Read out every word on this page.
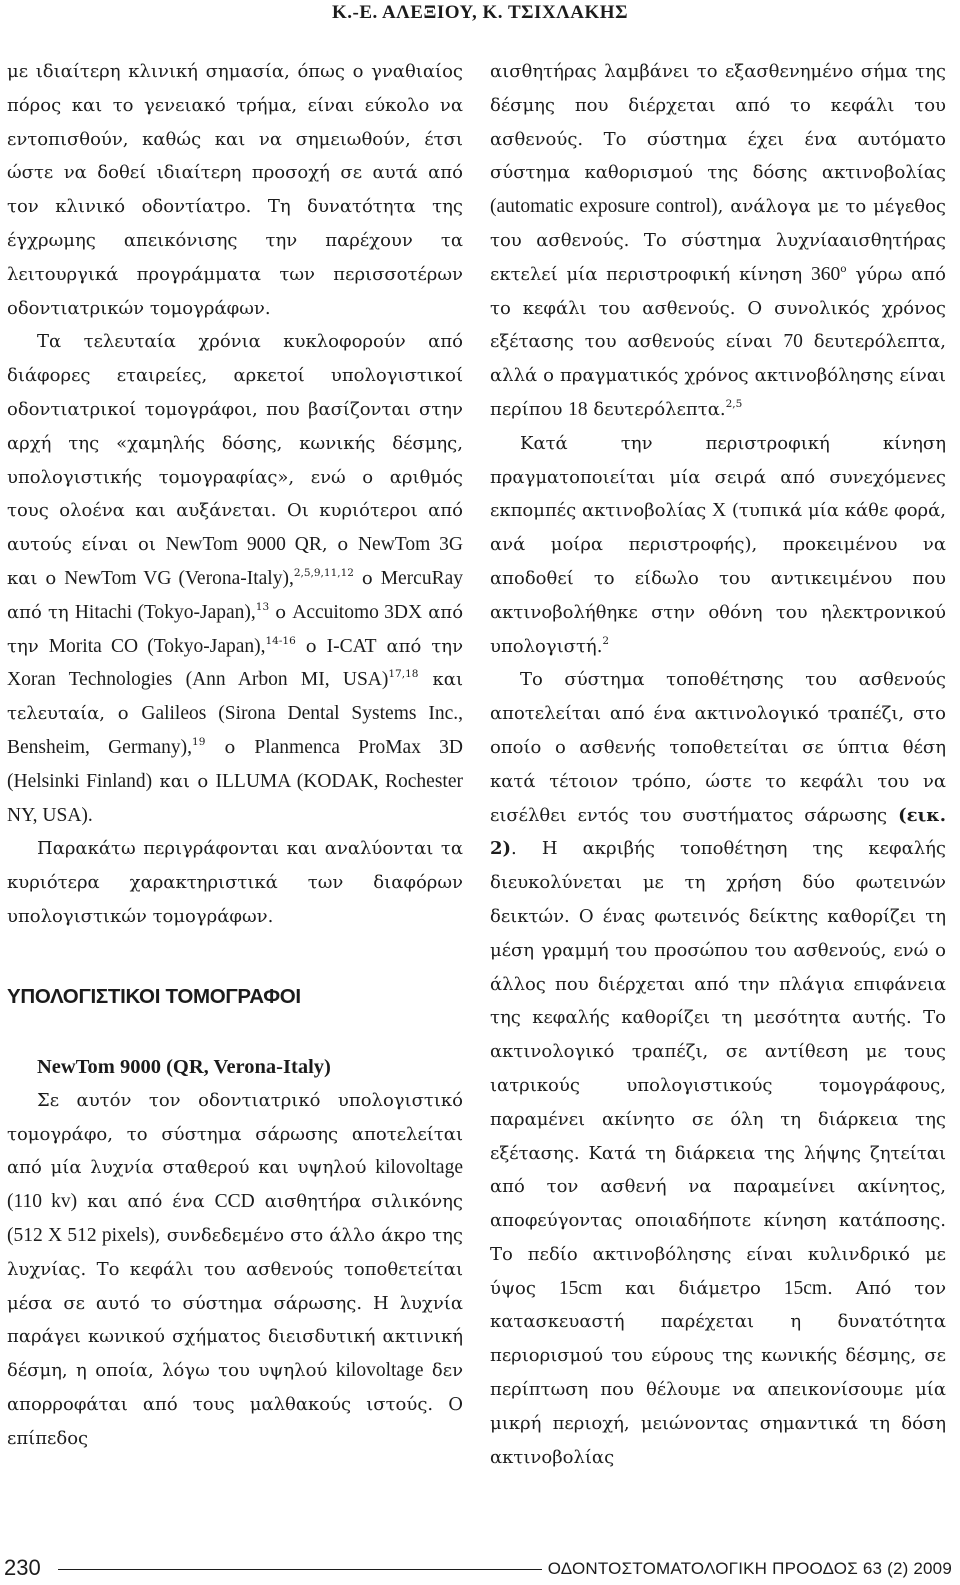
Κ.-Ε. ΑΛΕΞΙΟΥ, Κ. ΤΣΙΧΛΑΚΗΣ

με ιδιαίτερη κλινική σημασία, όπως ο γναθιαίος πόρος και το γενειακό τρήμα, είναι εύκολο να εντοπισθούν, καθώς και να σημειωθούν, έτσι ώστε να δοθεί ιδιαίτερη προσοχή σε αυτά από τον κλινικό οδοντίατρο. Τη δυνατότητα της έγχρωμης απεικόνισης την παρέχουν τα λειτουργικά προγράμματα των περισσοτέρων οδοντιατρικών τομογράφων.

Τα τελευταία χρόνια κυκλοφορούν από διάφορες εταιρείες, αρκετοί υπολογιστικοί οδοντιατρικοί τομογράφοι, που βασίζονται στην αρχή της «χαμηλής δόσης, κωνικής δέσμης, υπολογιστικής τομογραφίας», ενώ ο αριθμός τους ολοένα και αυξάνεται. Οι κυριότεροι από αυτούς είναι οι NewTom 9000 QR, ο NewTom 3G και ο NewTom VG (Verona-Italy),$^{2,5,9,11,12}$ ο MercuRay από τη Hitachi (Tokyo-Japan),$^{13}$ ο Accuitomo 3DX από την Morita CO (Tokyo-Japan),$^{14-16}$ ο I-CAT από την Xoran Technologies (Ann Arbon MI, USA)$^{17,18}$ και τελευταία, ο Galileos (Sirona Dental Systems Inc., Bensheim, Germany),$^{19}$ ο Planmenca ProMax 3D (Helsinki Finland) και ο ILLUMA (KODAK, Rochester NY, USA).

Παρακάτω περιγράφονται και αναλύονται τα κυριότερα χαρακτηριστικά των διαφόρων υπολογιστικών τομογράφων.

ΥΠΟΛΟΓΙΣΤΙΚΟΙ ΤΟΜΟΓΡΑΦΟΙ
NewTom 9000 (QR, Verona-Italy)

Σε αυτόν τον οδοντιατρικό υπολογιστικό τομογράφο, το σύστημα σάρωσης αποτελείται από μία λυχνία σταθερού και υψηλού kilovoltage (110 kv) και από ένα CCD αισθητήρα σιλικόνης (512 X 512 pixels), συνδεδεμένο στο άλλο άκρο της λυχνίας. Το κεφάλι του ασθενούς τοποθετείται μέσα σε αυτό το σύστημα σάρωσης. Η λυχνία παράγει κωνικού σχήματος διεισδυτική ακτινική δέσμη, η οποία, λόγω του υψηλού kilovoltage δεν απορροφάται από τους μαλθακούς ιστούς. Ο επίπεδος

αισθητήρας λαμβάνει το εξασθενημένο σήμα της δέσμης που διέρχεται από το κεφάλι του ασθενούς. Το σύστημα έχει ένα αυτόματο σύστημα καθορισμού της δόσης ακτινοβολίας (automatic exposure control), ανάλογα με το μέγεθος του ασθενούς. Το σύστημα λυχνίααισθητήρας εκτελεί μία περιστροφική κίνηση $360^o$ γύρω από το κεφάλι του ασθενούς. Ο συνολικός χρόνος εξέτασης του ασθενούς είναι 70 δευτερόλεπτα, αλλά ο πραγματικός χρόνος ακτινοβόλησης είναι περίπου 18 δευτερόλεπτα.$^{2,5}$

Κατά την περιστροφική κίνηση πραγματοποιείται μία σειρά από συνεχόμενες εκπομπές ακτινοβολίας X (τυπικά μία κάθε φορά, ανά μοίρα περιστροφής), προκειμένου να αποδοθεί το είδωλο του αντικειμένου που ακτινοβολήθηκε στην οθόνη του ηλεκτρονικού υπολογιστή.$^2$

Το σύστημα τοποθέτησης του ασθενούς αποτελείται από ένα ακτινολογικό τραπέζι, στο οποίο ο ασθενής τοποθετείται σε ύπτια θέση κατά τέτοιον τρόπο, ώστε το κεφάλι του να εισέλθει εντός του συστήματος σάρωσης (εικ. 2). Η ακριβής τοποθέτηση της κεφαλής διευκολύνεται με τη χρήση δύο φωτεινών δεικτών. Ο ένας φωτεινός δείκτης καθορίζει τη μέση γραμμή του προσώπου του ασθενούς, ενώ ο άλλος που διέρχεται από την πλάγια επιφάνεια της κεφαλής καθορίζει τη μεσότητα αυτής. Το ακτινολογικό τραπέζι, σε αντίθεση με τους ιατρικούς υπολογιστικούς τομογράφους, παραμένει ακίνητο σε όλη τη διάρκεια της εξέτασης. Κατά τη διάρκεια της λήψης ζητείται από τον ασθενή να παραμείνει ακίνητος, αποφεύγοντας οποιαδήποτε κίνηση κατάποσης. Το πεδίο ακτινοβόλησης είναι κυλινδρικό με ύψος 15cm και διάμετρο 15cm. Από τον κατασκευαστή παρέχεται η δυνατότητα περιορισμού του εύρους της κωνικής δέσμης, σε περίπτωση που θέλουμε να απεικονίσουμε μία μικρή περιοχή, μειώνοντας σημαντικά τη δόση ακτινοβολίας

230	ΟΔΟΝΤΟΣΤΟΜΑΤΟΛΟΓΙΚΗ ΠΡΟΟΔΟΣ 63 (2) 2009
